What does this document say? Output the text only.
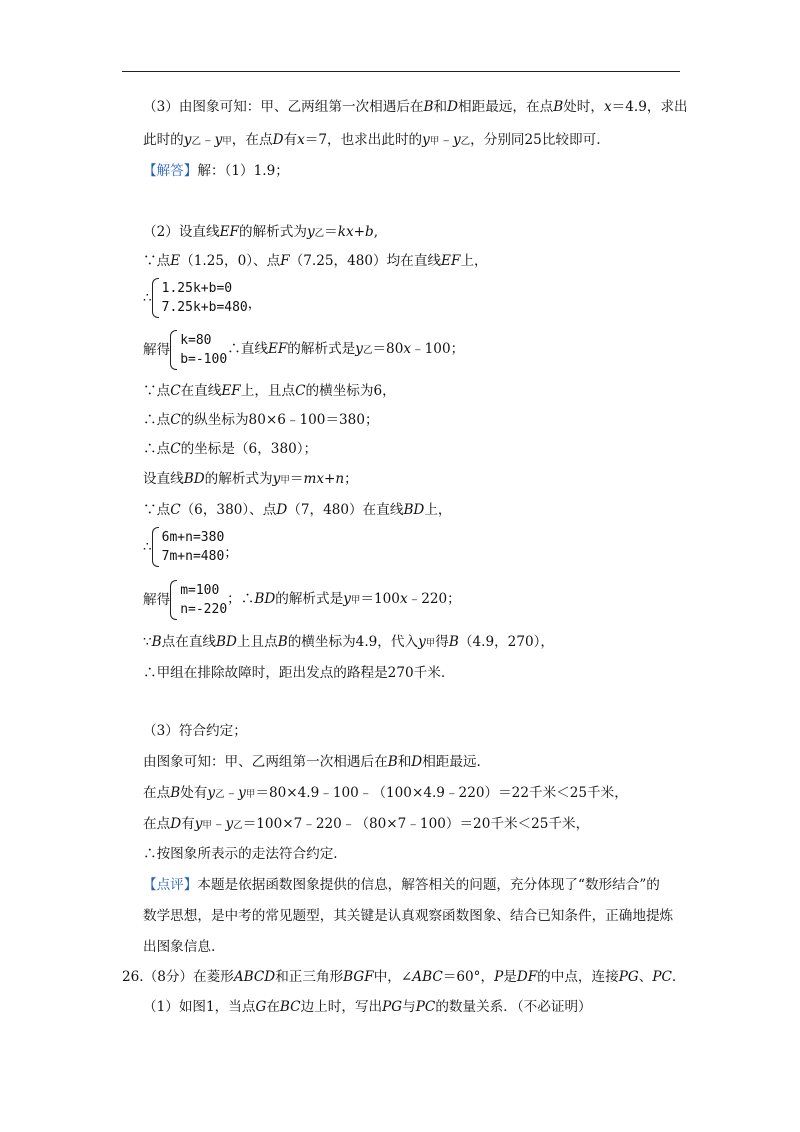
（3）由图象可知：甲、乙两组第一次相遇后在B和D相距最远，在点B处时，x＝4.9，求出
此时的y乙﹣y甲，在点D有x＝7，也求出此时的y甲﹣y乙，分别同25比较即可.
【解答】解：（1）1.9；
（2）设直线EF的解析式为y乙＝kx+b,
∵点E（1.25，0）、点F（7.25，480）均在直线EF上，
∴
1.25k+b=0
7.25k+b=480 ，
解得
k=80
b=-100
∴直线EF的解析式是y乙＝80x﹣100；
∵点C在直线EF上，且点C的横坐标为6，
∴点C的纵坐标为80×6﹣100＝380；
∴点C的坐标是（6，380）；
设直线BD的解析式为y甲＝mx+n；
∵点C（6，380）、点D（7，480）在直线BD上，
∴
6m+n=380
7m+n=480 ；
解得
m=100
n=-220
；∴BD的解析式是y甲＝100x﹣220；
∵B点在直线BD上且点B的横坐标为4.9，代入y甲得B（4.9，270），
∴甲组在排除故障时，距出发点的路程是270千米.
（3）符合约定；
由图象可知：甲、乙两组第一次相遇后在B和D相距最远.
在点B处有y乙﹣y甲＝80×4.9﹣100﹣（100×4.9﹣220）＝22千米＜25千米，
在点D有y甲﹣y乙＝100×7﹣220﹣（80×7﹣100）＝20千米＜25千米，
∴按图象所表示的走法符合约定.
【点评】本题是依据函数图象提供的信息，解答相关的问题，充分体现了“数形结合”的
数学思想，是中考的常见题型，其关键是认真观察函数图象、结合已知条件，正确地提炼
出图象信息.
26.（8分）在菱形ABCD和正三角形BGF中，∠ABC＝60°，P是DF的中点，连接PG、PC.
（1）如图1，当点G在BC边上时，写出PG与PC的数量关系．（不必证明）
